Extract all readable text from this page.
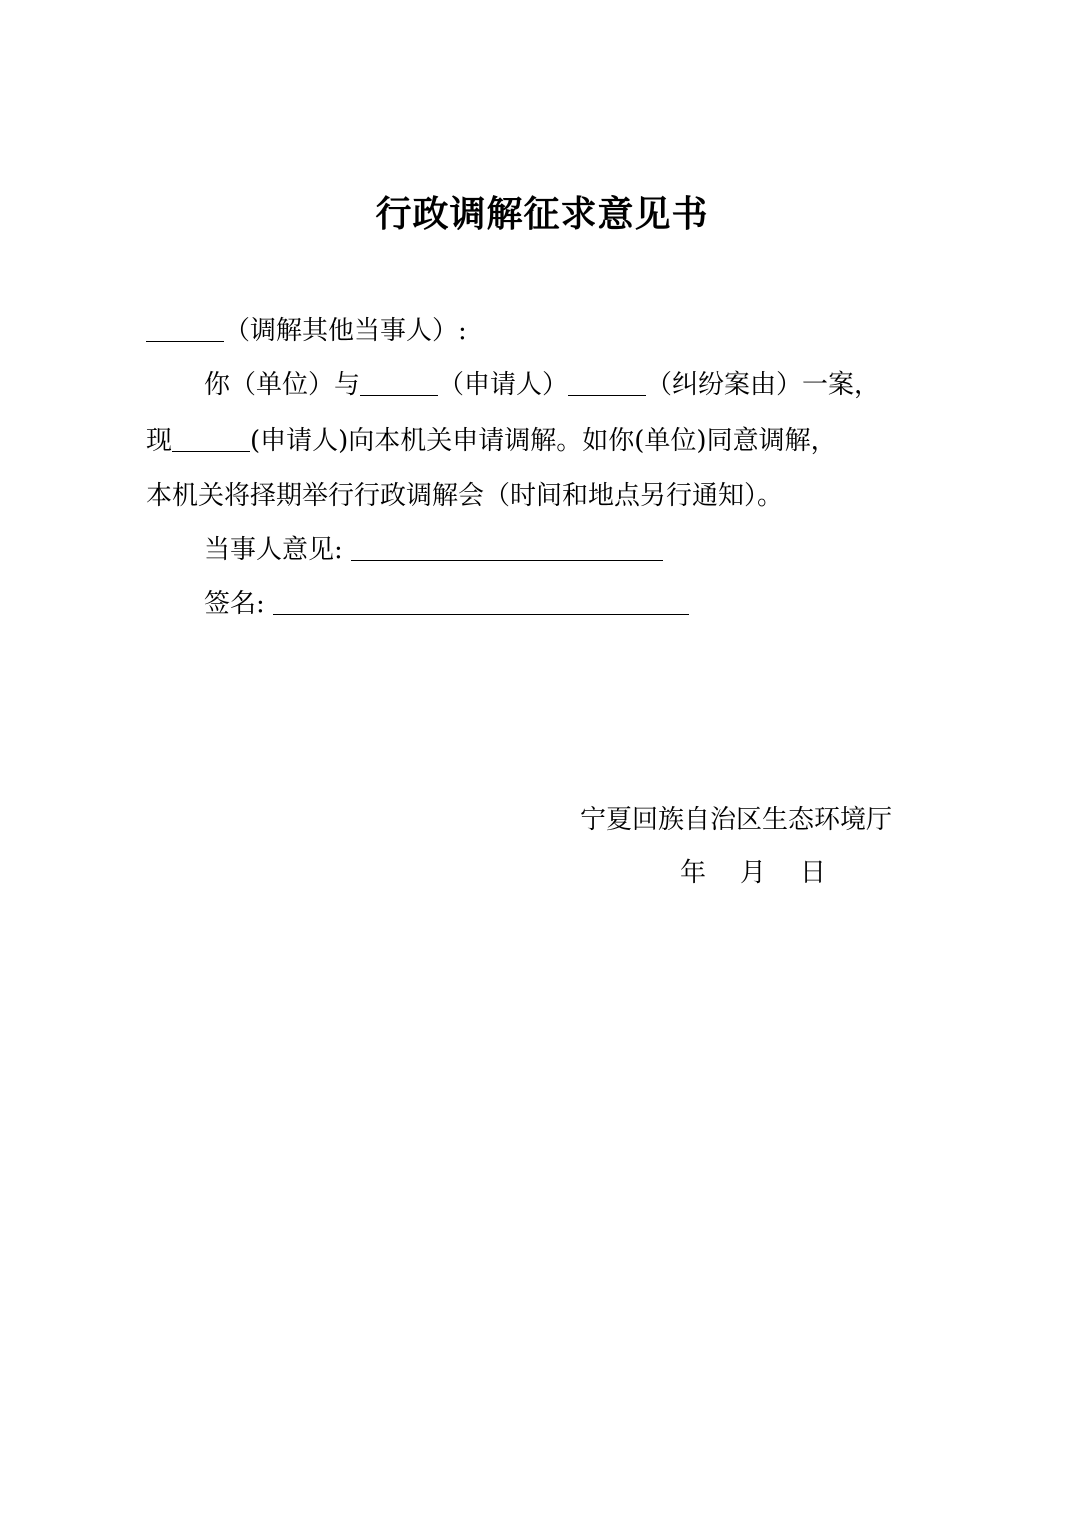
行政调解征求意见书
＿＿＿（调解其他当事人）:
你（单位）与＿＿＿（申请人）＿＿＿（纠纷案由）一案，
现＿＿＿(申请人)向本机关申请调解。如你(单位)同意调解，
本机关将择期举行行政调解会（时间和地点另行通知）。
当事人意见: ＿＿＿＿＿＿＿＿＿＿＿＿
签名: ＿＿＿＿＿＿＿＿＿＿＿＿＿＿＿＿
宁夏回族自治区生态环境厅
年 月 日
